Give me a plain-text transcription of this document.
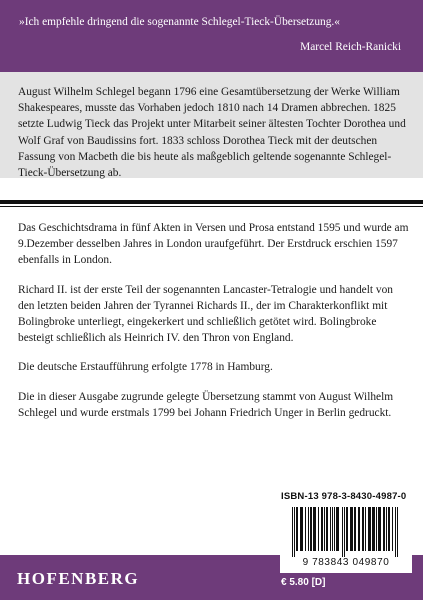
»Ich empfehle dringend die sogenannte Schlegel-Tieck-Übersetzung.«

Marcel Reich-Ranicki

August Wilhelm Schlegel begann 1796 eine Gesamtübersetzung der Werke William Shakespeares, musste das Vorhaben jedoch 1810 nach 14 Dramen abbrechen. 1825 setzte Ludwig Tieck das Projekt unter Mitarbeit seiner ältesten Tochter Dorothea und Wolf Graf von Baudissins fort. 1833 schloss Dorothea Tieck mit der deutschen Fassung von Macbeth die bis heute als maßgeblich geltende sogenannte Schlegel-Tieck-Übersetzung ab.

Das Geschichtsdrama in fünf Akten in Versen und Prosa entstand 1595 und wurde am 9.Dezember desselben Jahres in London uraufgeführt. Der Erstdruck erschien 1597 ebenfalls in London.

Richard II. ist der erste Teil der sogenannten Lancaster-Tetralogie und handelt von den letzten beiden Jahren der Tyrannei Richards II., der im Charakterkonflikt mit Bolingbroke unterliegt, eingekerkert und schließlich getötet wird. Bolingbroke besteigt schließlich als Heinrich IV. den Thron von England.

Die deutsche Erstaufführung erfolgte 1778 in Hamburg.

Die in dieser Ausgabe zugrunde gelegte Übersetzung stammt von August Wilhelm Schlegel und wurde erstmals 1799 bei Johann Friedrich Unger in Berlin gedruckt.

HOFENBERG

ISBN-13 978-3-8430-4987-0
9 783843 049870
€ 5.80 [D]
